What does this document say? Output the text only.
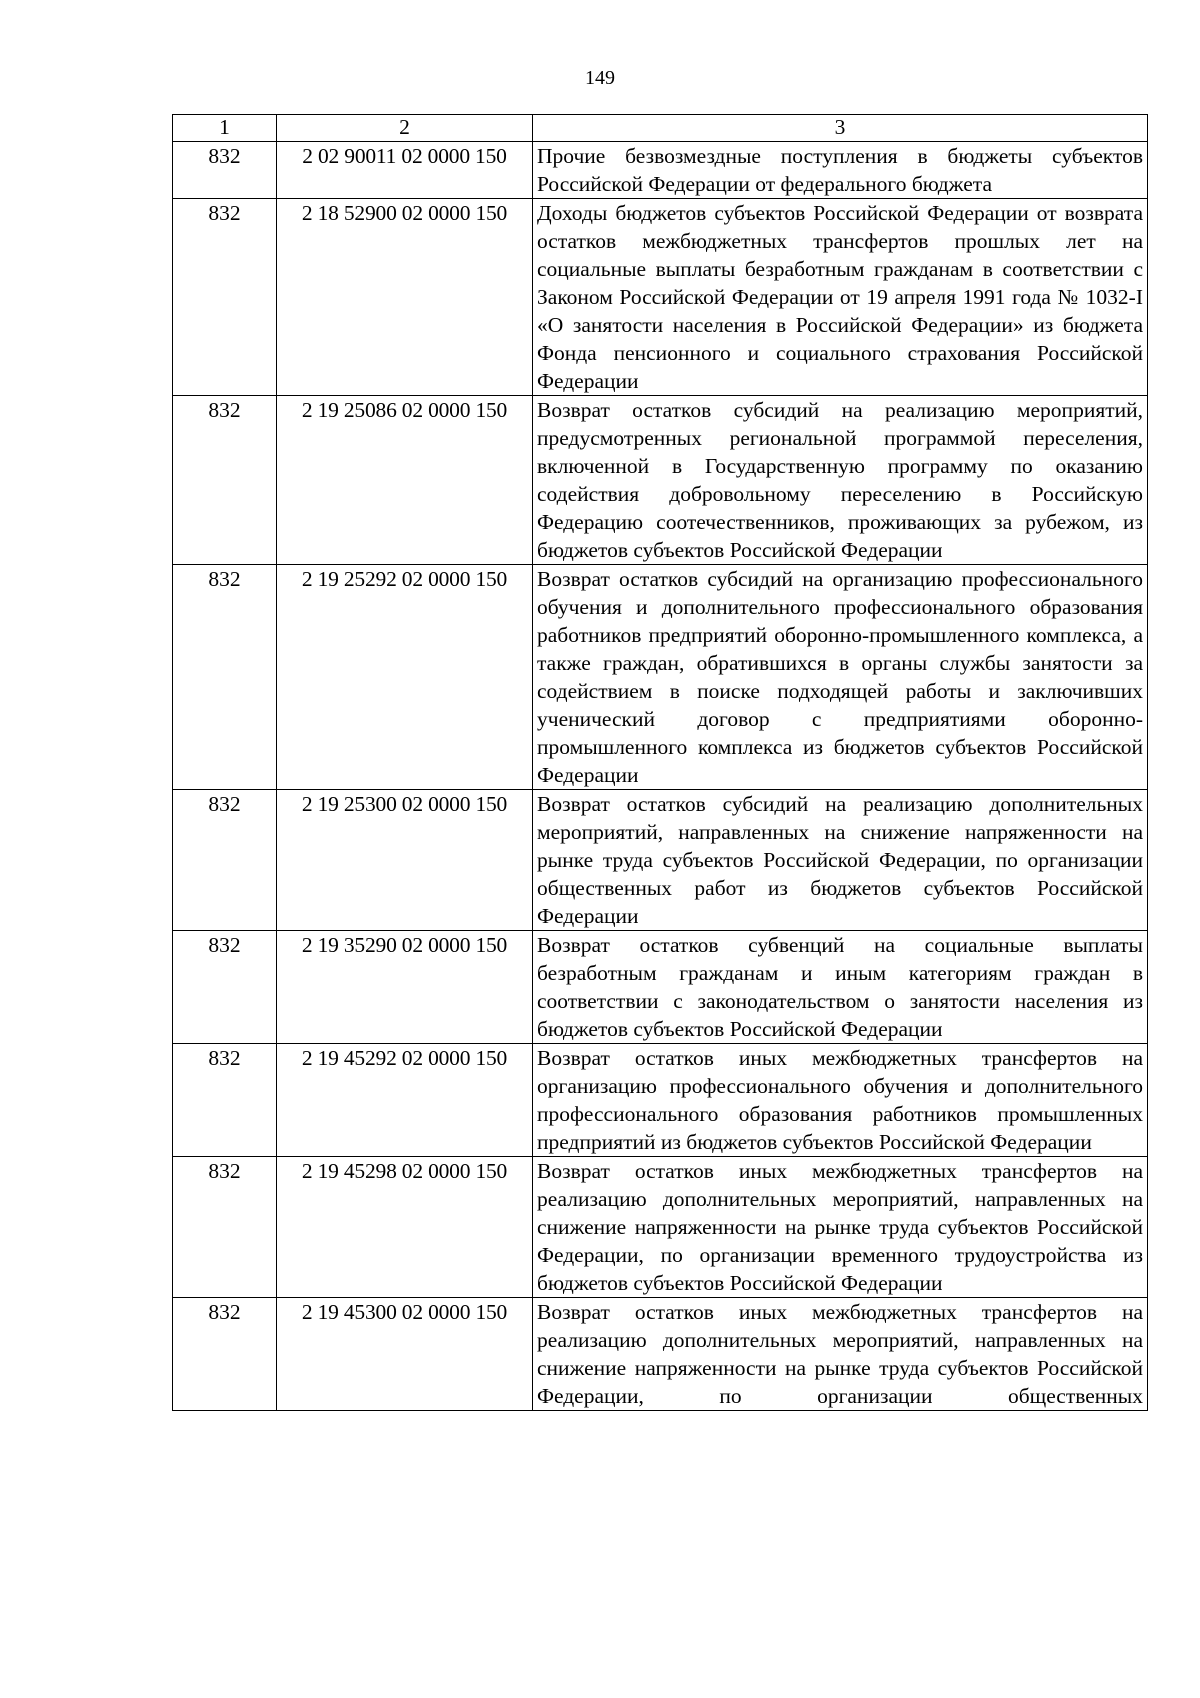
149
1	2	3
832	2 02 90011 02 0000 150	Прочие безвозмездные поступления в бюджеты субъектов Российской Федерации от федерального бюджета
832	2 18 52900 02 0000 150	Доходы бюджетов субъектов Российской Федерации от возврата остатков межбюджетных трансфертов прошлых лет на социальные выплаты безработным гражданам в соответствии с Законом Российской Федерации от 19 апреля 1991 года № 1032-I «О занятости населения в Российской Федерации» из бюджета Фонда пенсионного и социального страхования Российской Федерации
832	2 19 25086 02 0000 150	Возврат остатков субсидий на реализацию мероприятий, предусмотренных региональной программой переселения, включенной в Государственную программу по оказанию содействия добровольному переселению в Российскую Федерацию соотечественников, проживающих за рубежом, из бюджетов субъектов Российской Федерации
832	2 19 25292 02 0000 150	Возврат остатков субсидий на организацию профессионального обучения и дополнительного профессионального образования работников предприятий оборонно-промышленного комплекса, а также граждан, обратившихся в органы службы занятости за содействием в поиске подходящей работы и заключивших ученический договор с предприятиями оборонно-промышленного комплекса из бюджетов субъектов Российской Федерации
832	2 19 25300 02 0000 150	Возврат остатков субсидий на реализацию дополнительных мероприятий, направленных на снижение напряженности на рынке труда субъектов Российской Федерации, по организации общественных работ из бюджетов субъектов Российской Федерации
832	2 19 35290 02 0000 150	Возврат остатков субвенций на социальные выплаты безработным гражданам и иным категориям граждан в соответствии с законодательством о занятости населения из бюджетов субъектов Российской Федерации
832	2 19 45292 02 0000 150	Возврат остатков иных межбюджетных трансфертов на организацию профессионального обучения и дополнительного профессионального образования работников промышленных предприятий из бюджетов субъектов Российской Федерации
832	2 19 45298 02 0000 150	Возврат остатков иных межбюджетных трансфертов на реализацию дополнительных мероприятий, направленных на снижение напряженности на рынке труда субъектов Российской Федерации, по организации временного трудоустройства из бюджетов субъектов Российской Федерации
832	2 19 45300 02 0000 150	Возврат остатков иных межбюджетных трансфертов на реализацию дополнительных мероприятий, направленных на снижение напряженности на рынке труда субъектов Российской Федерации, по организации общественных
